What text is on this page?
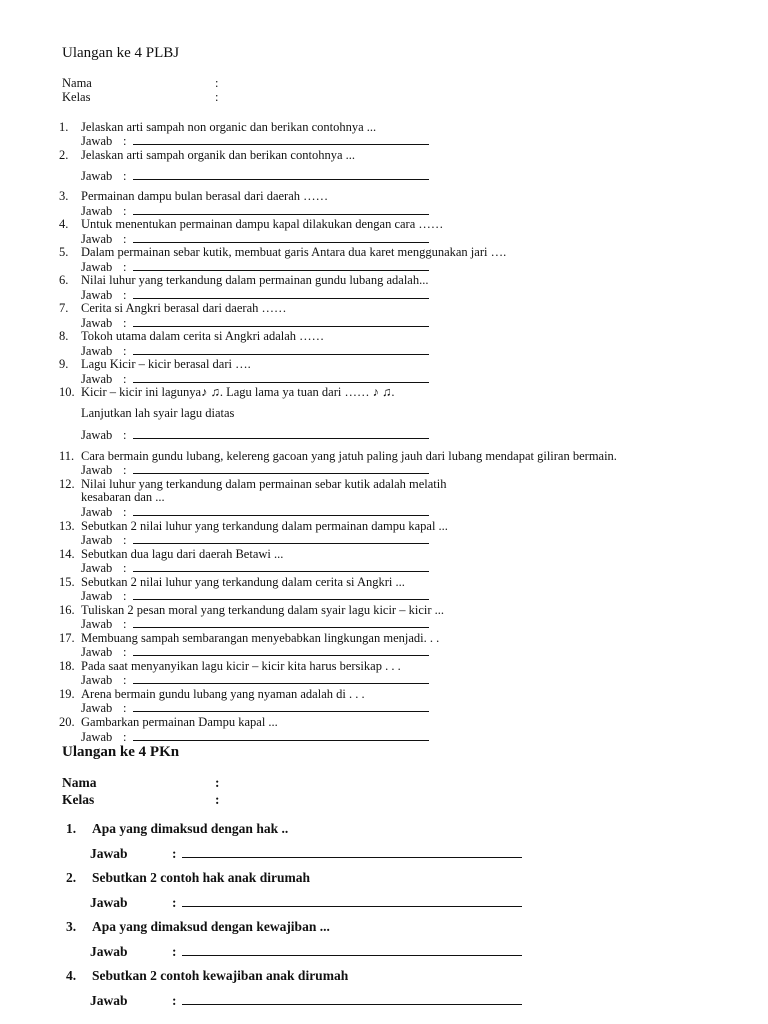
Ulangan ke 4 PLBJ
Nama	:
Kelas	:
1. Jelaskan arti sampah non organic dan berikan contohnya ...
Jawab :
2. Jelaskan arti sampah organik dan berikan contohnya ...
Jawab :
3. Permainan dampu bulan berasal dari daerah ……
Jawab :
4. Untuk menentukan permainan dampu kapal dilakukan dengan cara ……
Jawab :
5. Dalam permainan sebar kutik, membuat garis Antara dua karet menggunakan jari ….
Jawab :
6. Nilai luhur yang terkandung dalam permainan gundu lubang adalah...
Jawab :
7. Cerita si Angkri berasal dari daerah ……
Jawab :
8. Tokoh utama dalam cerita si Angkri adalah ……
Jawab :
9. Lagu Kicir – kicir berasal dari ….
Jawab :
10. Kicir – kicir ini lagunya♪ ♫. Lagu lama ya tuan dari …… ♪ ♫.
Lanjutkan lah syair lagu diatas
Jawab :
11. Cara bermain gundu lubang, kelereng gacoan yang jatuh paling jauh dari lubang mendapat giliran bermain.
Jawab :
12. Nilai luhur yang terkandung dalam permainan sebar kutik adalah melatih
kesabaran dan ...
Jawab :
13. Sebutkan 2 nilai luhur yang terkandung dalam permainan dampu kapal ...
Jawab :
14. Sebutkan dua lagu dari daerah Betawi ...
Jawab :
15. Sebutkan 2 nilai luhur yang terkandung dalam cerita si Angkri ...
Jawab :
16. Tuliskan 2 pesan moral yang terkandung dalam syair lagu kicir – kicir ...
Jawab :
17. Membuang sampah sembarangan menyebabkan lingkungan menjadi. . .
Jawab :
18. Pada saat menyanyikan lagu kicir – kicir kita harus bersikap . . .
Jawab :
19. Arena bermain gundu lubang yang nyaman adalah di . . .
Jawab :
20. Gambarkan permainan Dampu kapal ...
Jawab :
Ulangan ke 4 PKn
Nama	:
Kelas	:
1. Apa yang dimaksud dengan hak ..
Jawab	:
2. Sebutkan 2 contoh hak anak dirumah
Jawab	:
3. Apa yang dimaksud dengan kewajiban ...
Jawab	:
4. Sebutkan 2 contoh kewajiban anak dirumah
Jawab	:
